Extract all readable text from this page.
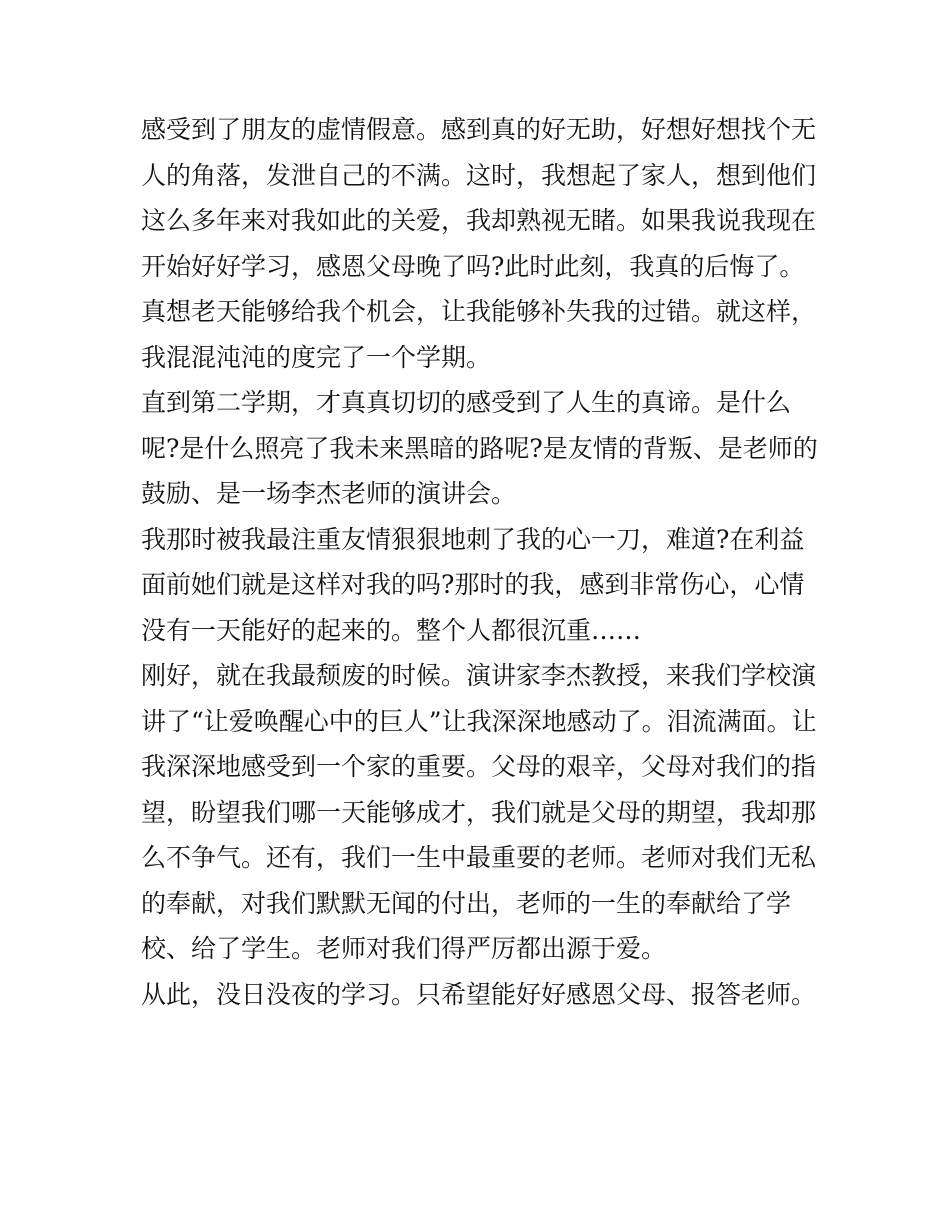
感受到了朋友的虚情假意。感到真的好无助，好想好想找个无
人的角落，发泄自己的不满。这时，我想起了家人，想到他们
这么多年来对我如此的关爱，我却熟视无睹。如果我说我现在
开始好好学习，感恩父母晚了吗?此时此刻，我真的后悔了。
真想老天能够给我个机会，让我能够补失我的过错。就这样，
我混混沌沌的度完了一个学期。
直到第二学期，才真真切切的感受到了人生的真谛。是什么
呢?是什么照亮了我未来黑暗的路呢?是友情的背叛、是老师的
鼓励、是一场李杰老师的演讲会。
我那时被我最注重友情狠狠地刺了我的心一刀，难道?在利益
面前她们就是这样对我的吗?那时的我，感到非常伤心，心情
没有一天能好的起来的。整个人都很沉重……
刚好，就在我最颓废的时候。演讲家李杰教授，来我们学校演
讲了“让爱唤醒心中的巨人”让我深深地感动了。泪流满面。让
我深深地感受到一个家的重要。父母的艰辛，父母对我们的指
望，盼望我们哪一天能够成才，我们就是父母的期望，我却那
么不争气。还有，我们一生中最重要的老师。老师对我们无私
的奉献，对我们默默无闻的付出，老师的一生的奉献给了学
校、给了学生。老师对我们得严厉都出源于爱。
从此，没日没夜的学习。只希望能好好感恩父母、报答老师。
